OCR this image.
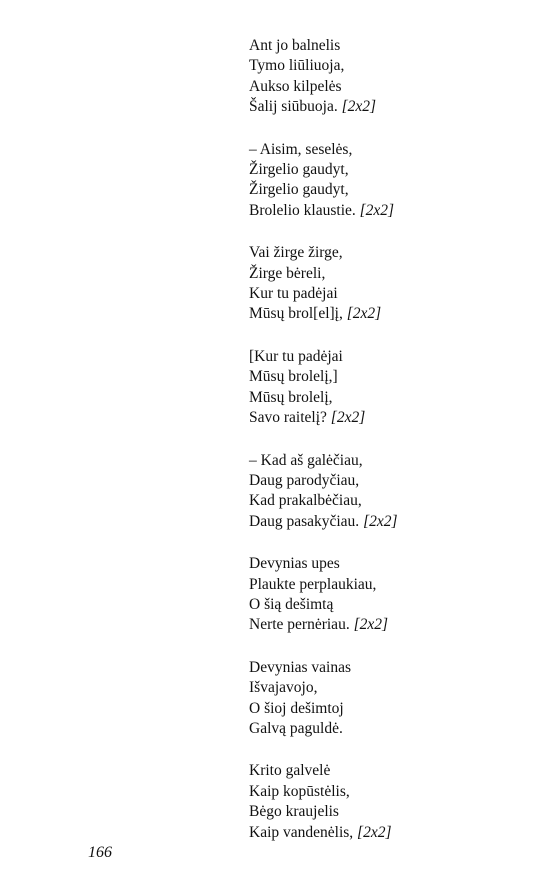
Ant jo balnelis
Tymo liūliuoja,
Aukso kilpelės
Šalij siūbuoja. [2x2]
– Aisim, seselės,
Žirgelio gaudyt,
Žirgelio gaudyt,
Brolelio klaustie. [2x2]
Vai žirge žirge,
Žirge bėreli,
Kur tu padėjai
Mūsų brol[el]į, [2x2]
[Kur tu padėjai
Mūsų brolelį,]
Mūsų brolelį,
Savo raitelį? [2x2]
– Kad aš galėčiau,
Daug parodyčiau,
Kad prakalbėčiau,
Daug pasakyčiau. [2x2]
Devynias upes
Plaukte perplaukiau,
O šią dešimtą
Nerte pernėriau. [2x2]
Devynias vainas
Išvajavojo,
O šioj dešimtoj
Galvą paguldė.
Krito galvelė
Kaip kopūstėlis,
Bėgo kraujelis
Kaip vandenėlis, [2x2]
166
